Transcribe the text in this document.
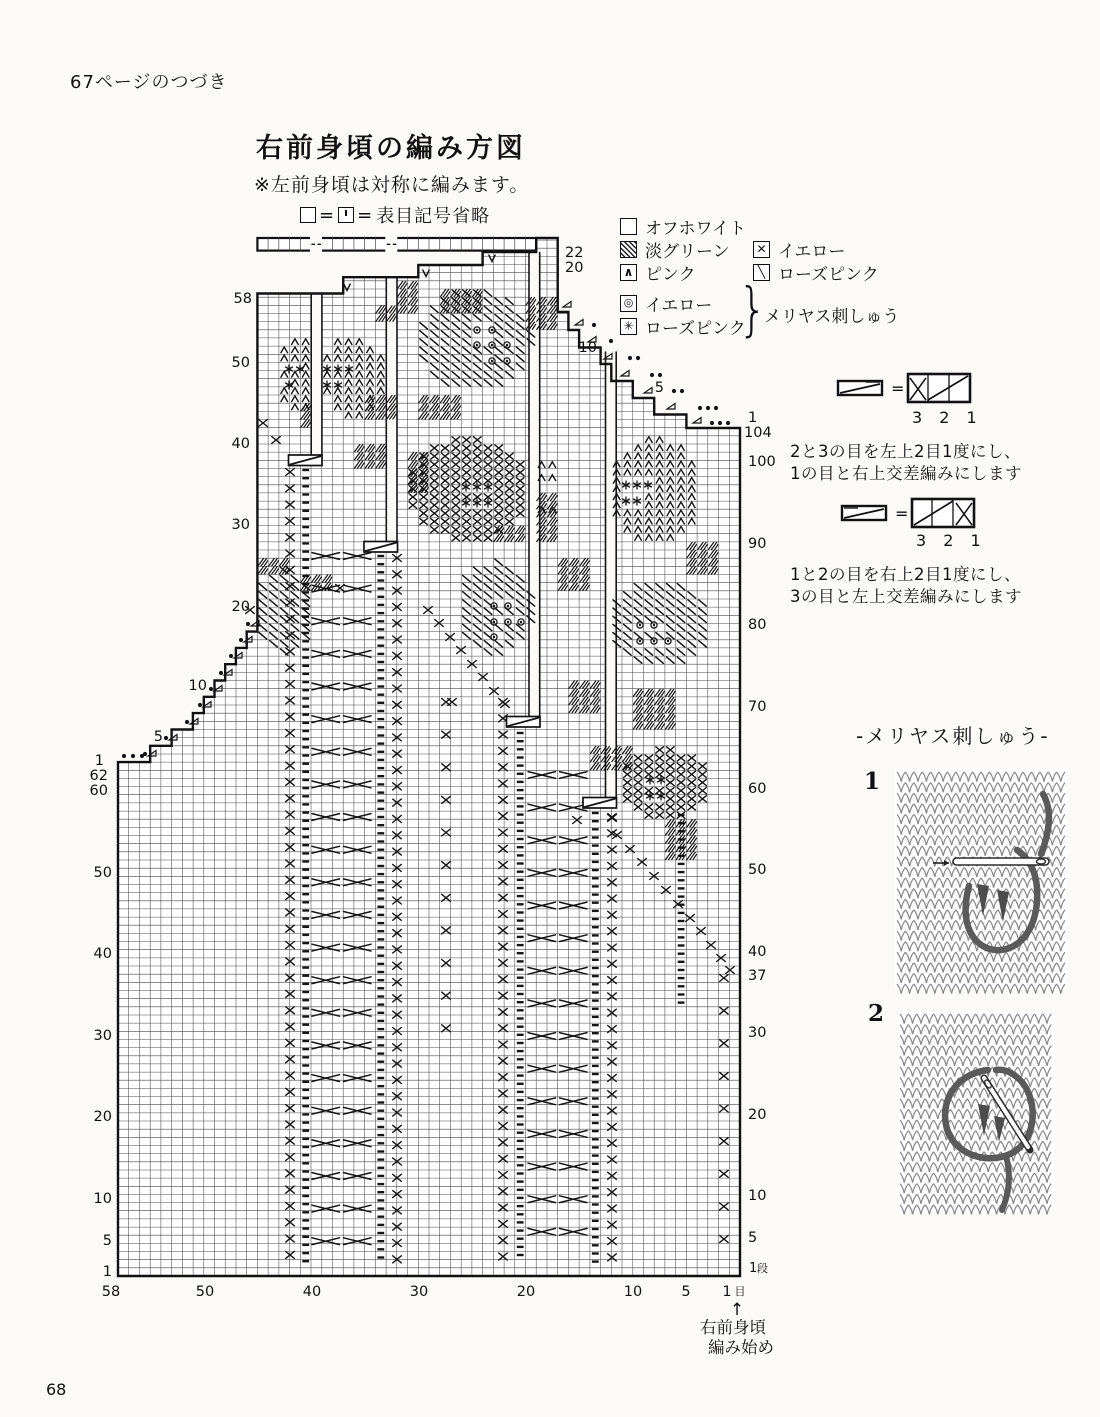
67ページのつづき
右前身頃の編み方図
※左前身頃は対称に編みます。
= = 表目記号省略
オフホワイト
淡グリーン
∧ ピンク
✕ イエロー
╲ ローズピンク
◎ イエロー
✳ ローズピンク
}
メリヤス刺しゅう
=
3 2 1
2と3の目を左上2目1度にし、
1の目と右上交差編みにします
=
3 2 1
1と2の目を右上2目1度にし、
3の目と左上交差編みにします
-メリヤス刺しゅう-
1
2
68
58	50	40	30	20	10	5 1 目
1 段
5
10
20
30
37
40
50
60
70
80
90
100
104
1
1
5
10
20
30
40
50
60
62
1
5
58
50
40
30
20
10
10
5
22
20
↑
右前身頃
編み始め
